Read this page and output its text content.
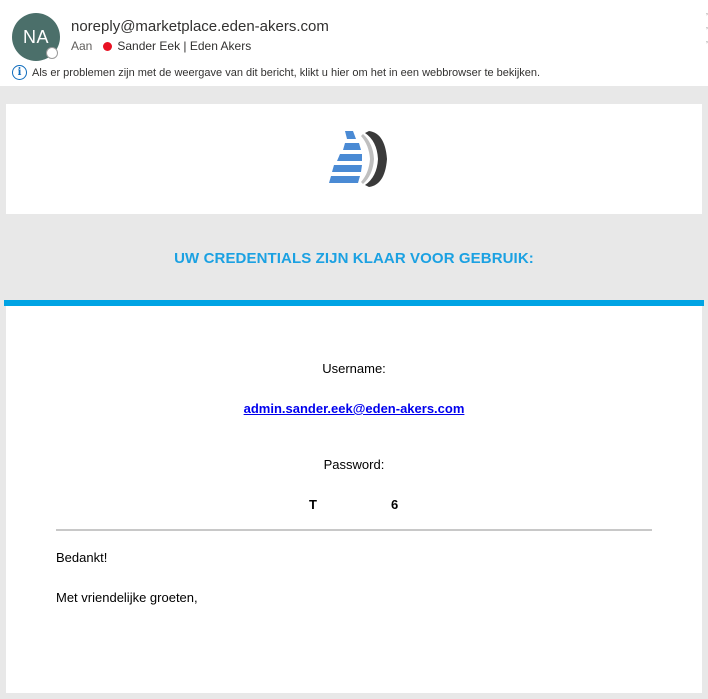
NA
noreply@marketplace.eden-akers.com
Aan Sander Eek | Eden Akers
i Als er problemen zijn met de weergave van dit bericht, klikt u hier om het in een webbrowser te bekijken.
ʼ
ʼ
ʼ
UW CREDENTIALS ZIJN KLAAR VOOR GEBRUIK:
Username:
admin.sander.eek@eden-akers.com
Password:
T	6
Bedankt!
Met vriendelijke groeten,
